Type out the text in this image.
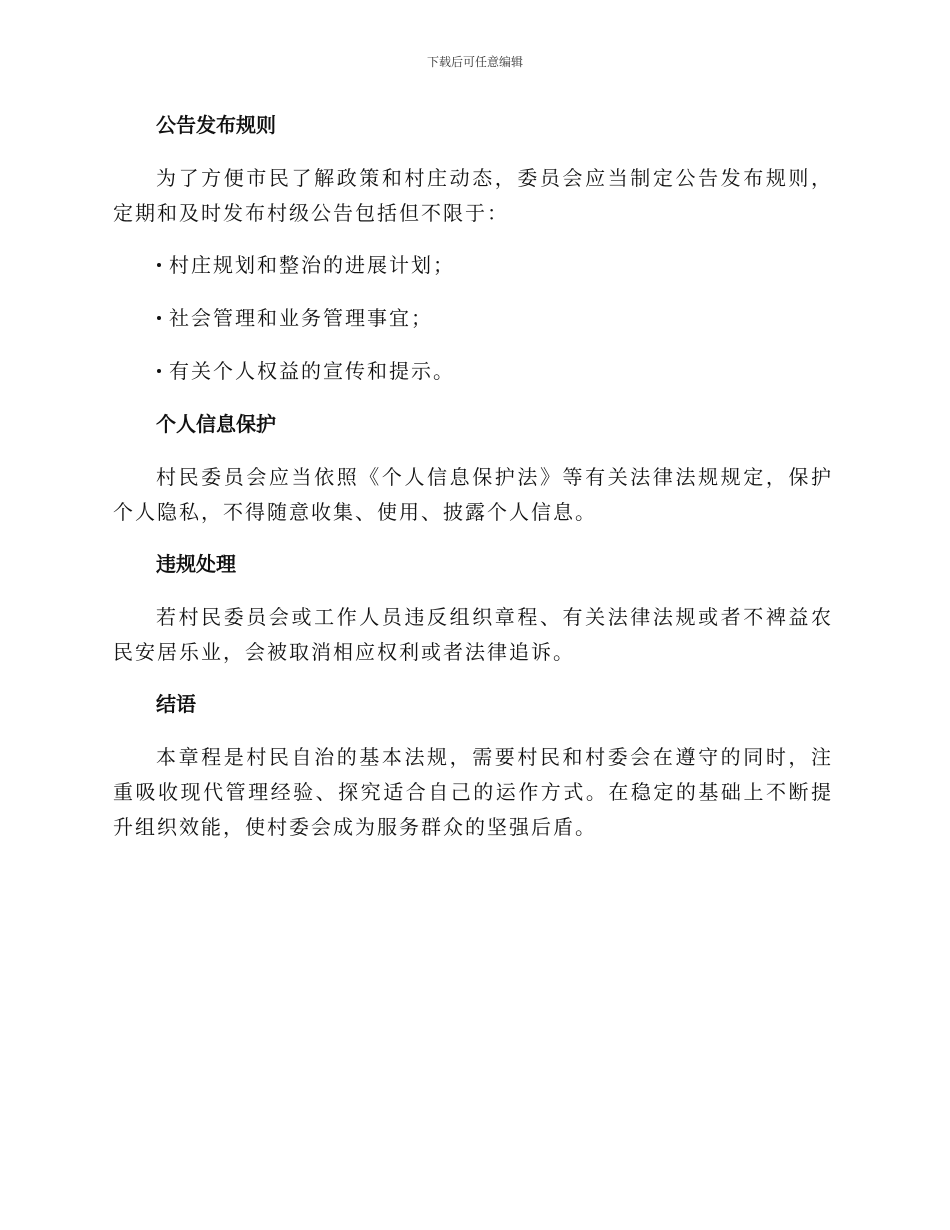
下载后可任意编辑
公告发布规则

为了方便市民了解政策和村庄动态，委员会应当制定公告发布规则，定期和及时发布村级公告包括但不限于：

村庄规划和整治的进展计划；
社会管理和业务管理事宜；
有关个人权益的宣传和提示。
个人信息保护

村民委员会应当依照《个人信息保护法》等有关法律法规规定，保护个人隐私，不得随意收集、使用、披露个人信息。

违规处理

若村民委员会或工作人员违反组织章程、有关法律法规或者不裨益农民安居乐业，会被取消相应权利或者法律追诉。

结语

本章程是村民自治的基本法规，需要村民和村委会在遵守的同时，注重吸收现代管理经验、探究适合自己的运作方式。在稳定的基础上不断提升组织效能，使村委会成为服务群众的坚强后盾。
